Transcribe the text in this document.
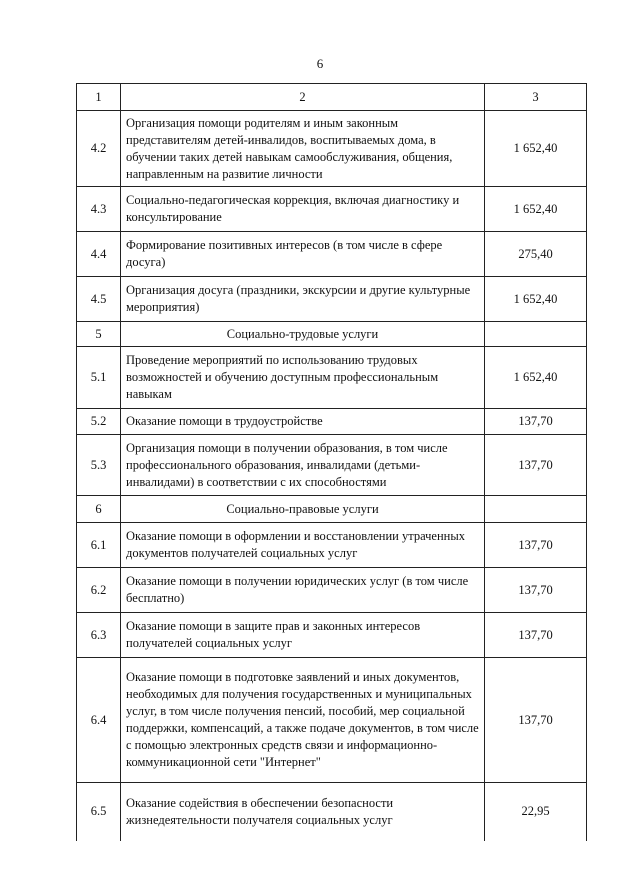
6
1	2	3
4.2	Организация помощи родителям и иным законным представителям детей-инвалидов, воспитываемых дома, в обучении таких детей навыкам самообслуживания, общения, направленным на развитие личности	1 652,40
4.3	Социально-педагогическая коррекция, включая диагностику и консультирование	1 652,40
4.4	Формирование позитивных интересов (в том числе в сфере досуга)	275,40
4.5	Организация досуга (праздники, экскурсии и другие культурные мероприятия)	1 652,40
5	Социально-трудовые услуги	
5.1	Проведение мероприятий по использованию трудовых возможностей и обучению доступным профессиональным навыкам	1 652,40
5.2	Оказание помощи в трудоустройстве	137,70
5.3	Организация помощи в получении образования, в том числе профессионального образования, инвалидами (детьми-инвалидами) в соответствии с их способностями	137,70
6	Социально-правовые услуги	
6.1	Оказание помощи в оформлении и восстановлении утраченных документов получателей социальных услуг	137,70
6.2	Оказание помощи в получении юридических услуг (в том числе бесплатно)	137,70
6.3	Оказание помощи в защите прав и законных интересов получателей социальных услуг	137,70
6.4	Оказание помощи в подготовке заявлений и иных документов, необходимых для получения государственных и муниципальных услуг, в том числе получения пенсий, пособий, мер социальной поддержки, компенсаций, а также подаче документов, в том числе с помощью электронных средств связи и информационно-коммуникационной сети "Интернет"	137,70
6.5	Оказание содействия в обеспечении безопасности жизнедеятельности получателя социальных услуг	22,95
